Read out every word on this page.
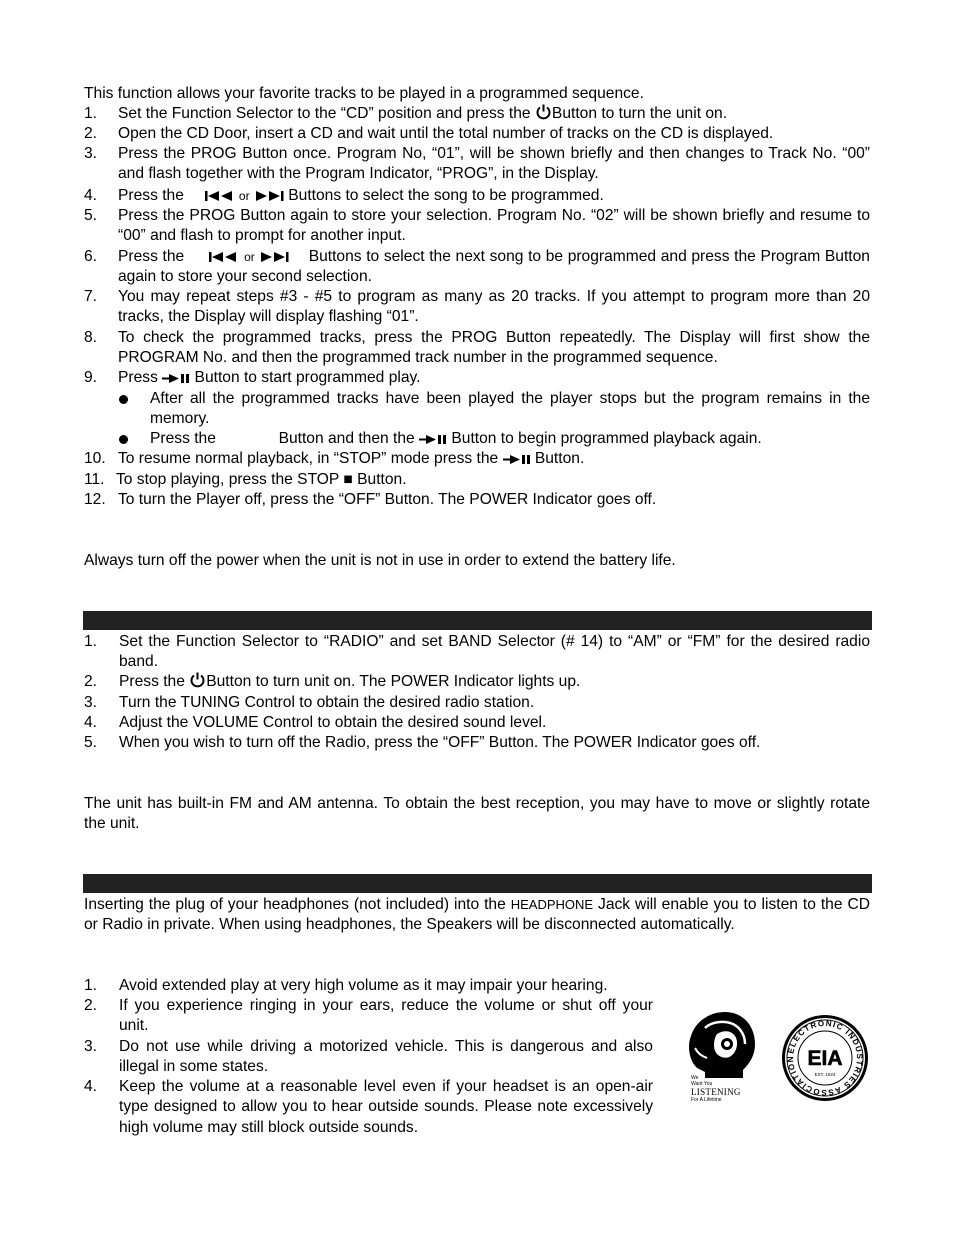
This function allows your favorite tracks to be played in a programmed sequence.
1. Set the Function Selector to the “CD” position and press the Button to turn the unit on.
2. Open the CD Door, insert a CD and wait until the total number of tracks on the CD is displayed.
3. Press the PROG Button once. Program No, “01”, will be shown briefly and then changes to Track No. “00” and flash together with the Program Indicator, “PROG”, in the Display.
4. Press the	or Buttons to select the song to be programmed.
5. Press the PROG Button again to store your selection. Program No. “02” will be shown briefly and resume to “00” and flash to prompt for another input.
6. Press the	or	Buttons to select the next song to be programmed and press the Program Button again to store your second selection.
7. You may repeat steps #3 - #5 to program as many as 20 tracks. If you attempt to program more than 20 tracks, the Display will display flashing “01”.
8. To check the programmed tracks, press the PROG Button repeatedly. The Display will first show the PROGRAM No. and then the programmed track number in the programmed sequence.
9. Press  Button to start programmed play.
After all the programmed tracks have been played the player stops but the program remains in the memory.
Press the	Button and then the Button to begin programmed playback again.
10. To resume normal playback, in “STOP” mode press the  Button.
11. To stop playing, press the STOP ■ Button.
12. To turn the Player off, press the “OFF” Button. The POWER Indicator goes off.
Always turn off the power when the unit is not in use in order to extend the battery life.
1. Set the Function Selector to “RADIO” and set BAND Selector (# 14) to “AM” or “FM” for the desired radio band.
2. Press the Button to turn unit on. The POWER Indicator lights up.
3. Turn the TUNING Control to obtain the desired radio station.
4. Adjust the VOLUME Control to obtain the desired sound level.
5. When you wish to turn off the Radio, press the “OFF” Button. The POWER Indicator goes off.
The unit has built-in FM and AM antenna. To obtain the best reception, you may have to move or slightly rotate the unit.
Inserting the plug of your headphones (not included) into the HEADPHONE Jack will enable you to listen to the CD or Radio in private. When using headphones, the Speakers will be disconnected automatically.
1. Avoid extended play at very high volume as it may impair your hearing.
2. If you experience ringing in your ears, reduce the volume or shut off your unit.
3. Do not use while driving a motorized vehicle. This is dangerous and also illegal in some states.
4. Keep the volume at a reasonable level even if your headset is an open-air type designed to allow you to hear outside sounds. Please note excessively high volume may still block outside sounds.
We
Want You
LISTENING
For A Lifetime
ELECTRONIC INDUSTRIES ASSOCIATION EIA
EST. 1924
